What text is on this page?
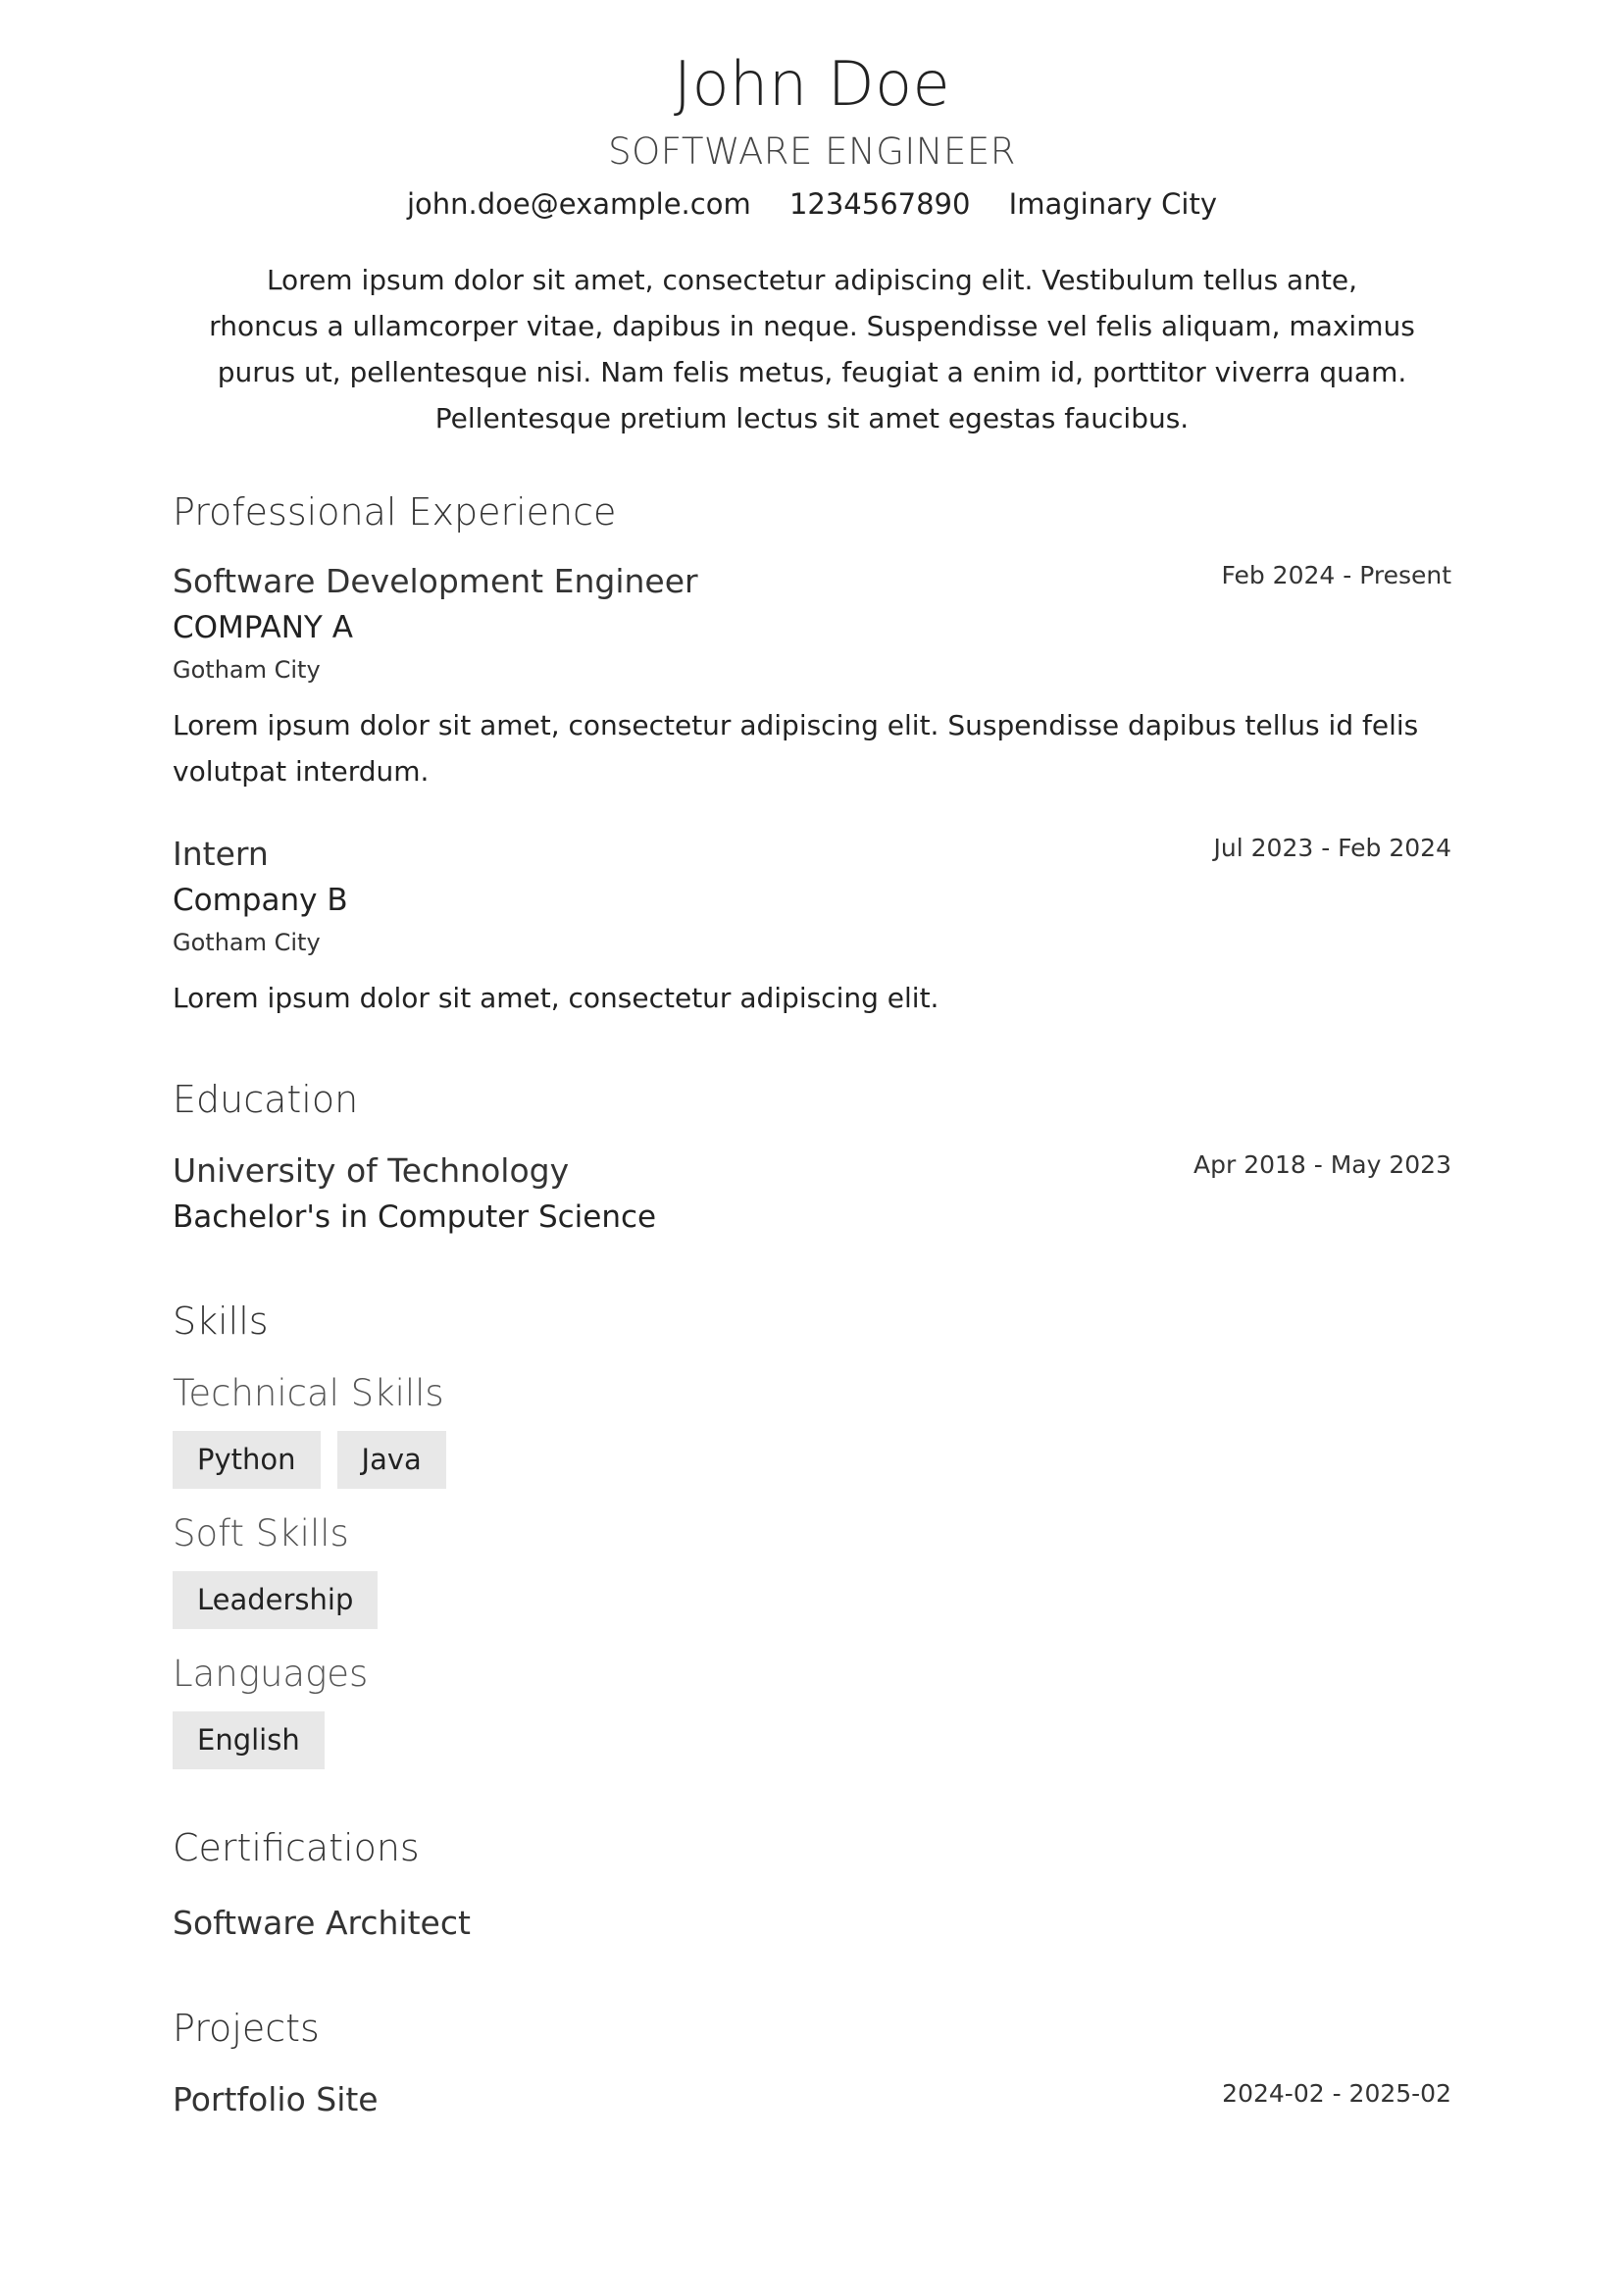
John Doe
SOFTWARE ENGINEER
john.doe@example.com 1234567890 Imaginary City
Lorem ipsum dolor sit amet, consectetur adipiscing elit. Vestibulum tellus ante, rhoncus a ullamcorper vitae, dapibus in neque. Suspendisse vel felis aliquam, maximus purus ut, pellentesque nisi. Nam felis metus, feugiat a enim id, porttitor viverra quam. Pellentesque pretium lectus sit amet egestas faucibus.
Professional Experience
Feb 2024 - Present
Software Development Engineer
COMPANY A
Gotham City
Lorem ipsum dolor sit amet, consectetur adipiscing elit. Suspendisse dapibus tellus id felis volutpat interdum.
Jul 2023 - Feb 2024
Intern
Company B
Gotham City
Lorem ipsum dolor sit amet, consectetur adipiscing elit.
Education
Apr 2018 - May 2023
University of Technology
Bachelor's in Computer Science
Skills
Technical Skills
Python	Java
Soft Skills
Leadership
Languages
English
Certifications
Software Architect
Projects
2024-02 - 2025-02
Portfolio Site
